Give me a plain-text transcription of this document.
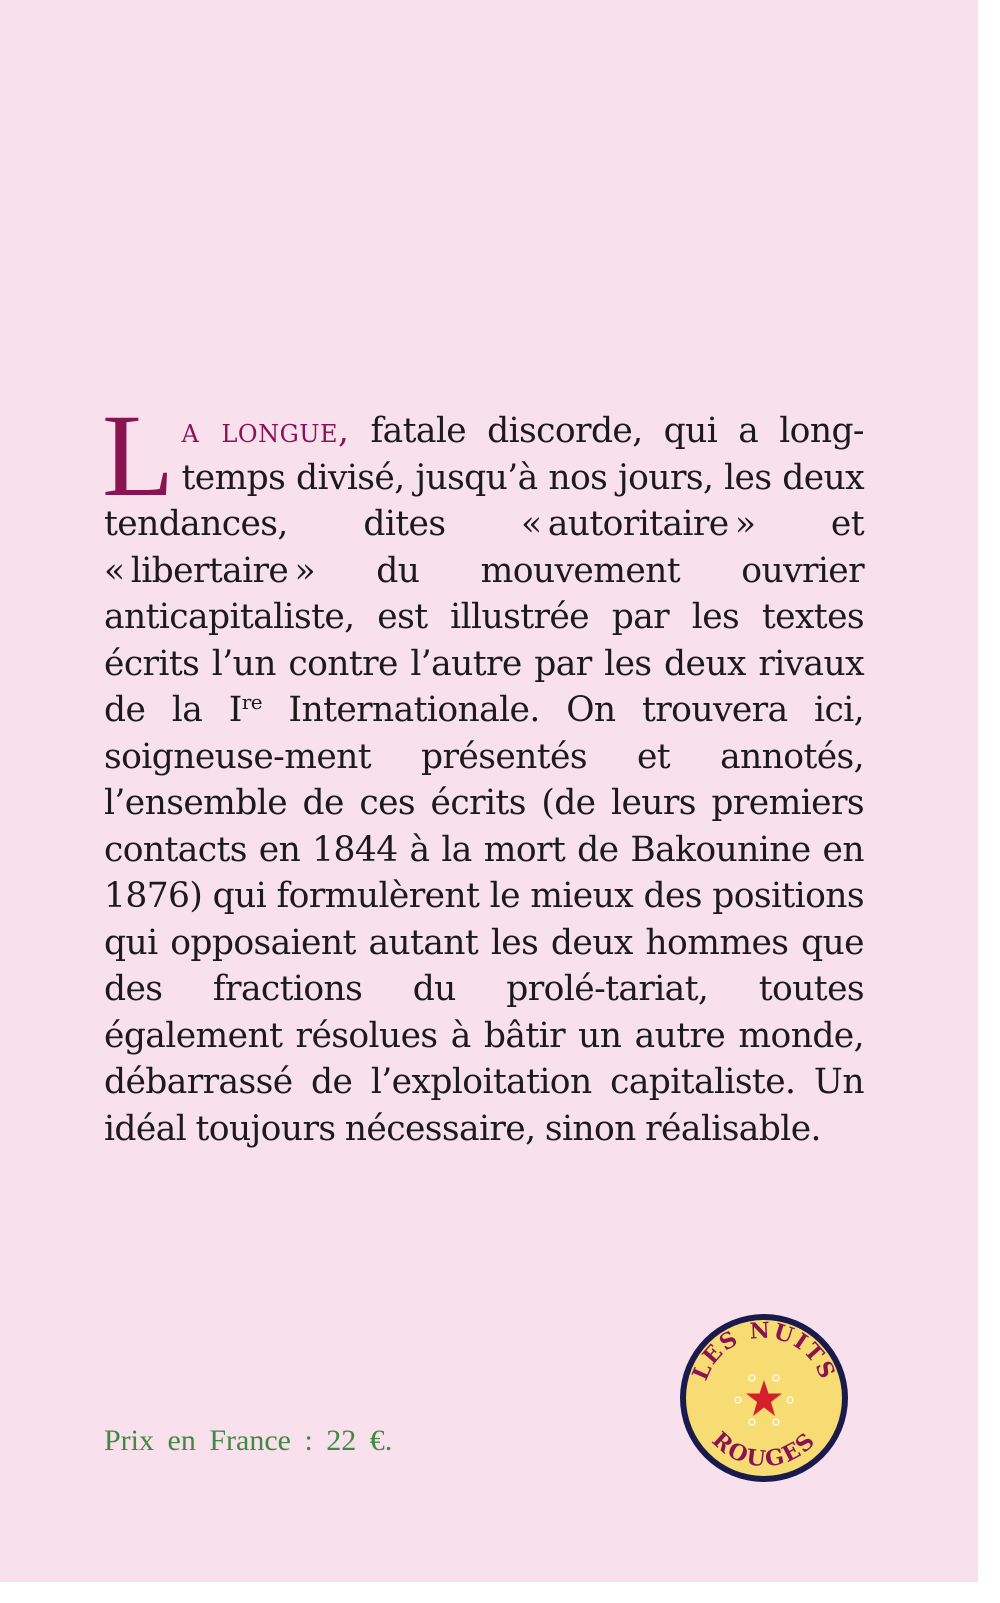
La longue, fatale discorde, qui a long-temps divisé, jusqu’à nos jours, les deux tendances, dites « autoritaire » et « libertaire » du mouvement ouvrier anticapitaliste, est illustrée par les textes écrits l’un contre l’autre par les deux rivaux de la Ire Internationale. On trouvera ici, soigneuse-ment présentés et annotés, l’ensemble de ces écrits (de leurs premiers contacts en 1844 à la mort de Bakounine en 1876) qui formulèrent le mieux des positions qui opposaient autant les deux hommes que des fractions du prolé-tariat, toutes également résolues à bâtir un autre monde, débarrassé de l’exploitation capitaliste. Un idéal toujours nécessaire, sinon réalisable.

Prix en France : 22 €.

LES NUITS
ROUGES
